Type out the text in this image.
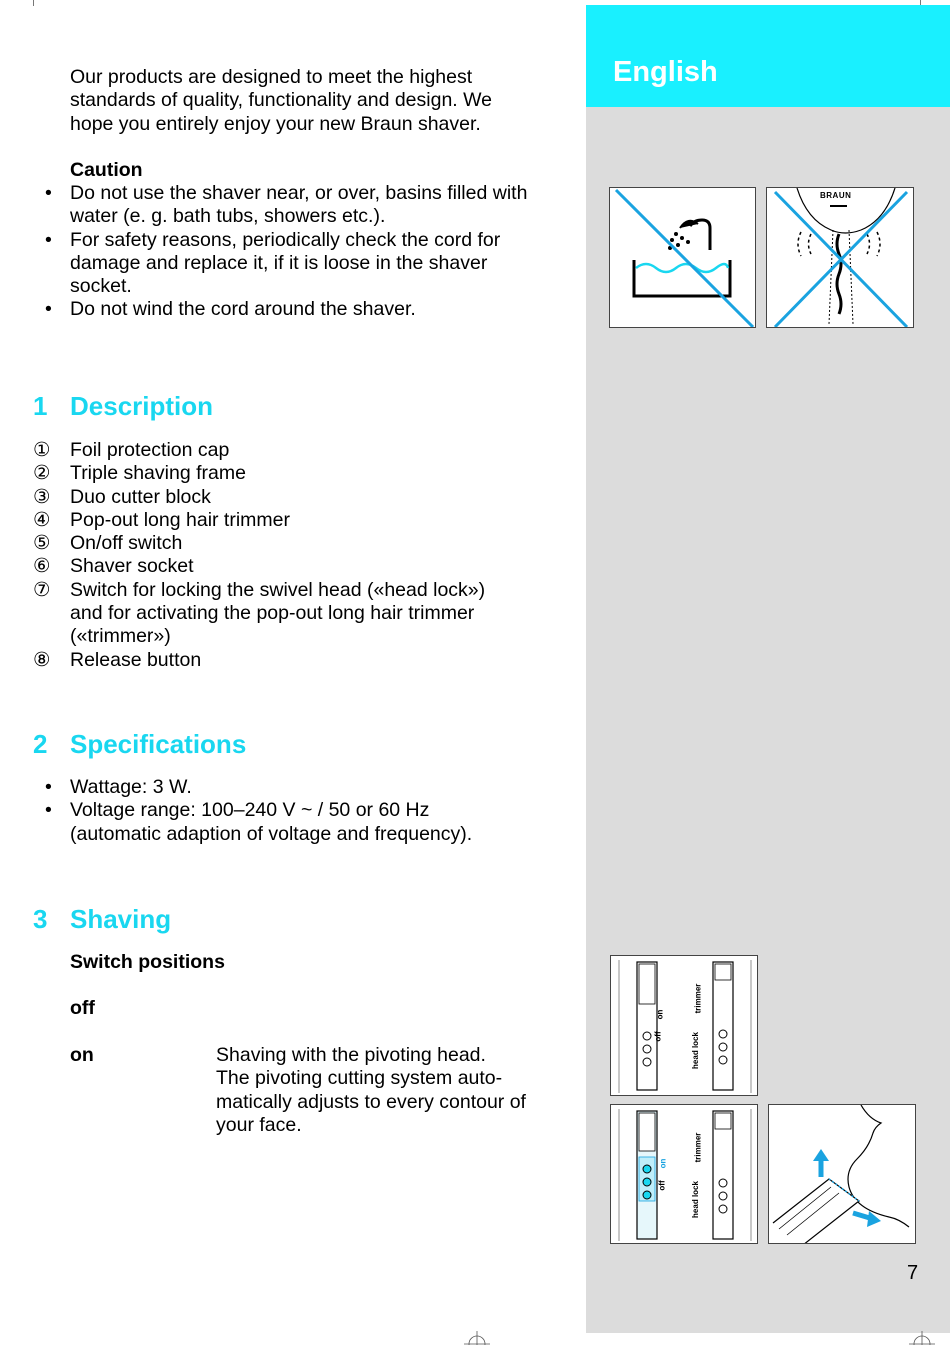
English
Our products are designed to meet the highest
standards of quality, functionality and design. We
hope you entirely enjoy your new Braun shaver.
Caution
• Do not use the shaver near, or over, basins filled with
water (e. g. bath tubs, showers etc.).
• For safety reasons, periodically check the cord for
damage and replace it, if it is loose in the shaver
socket.
• Do not wind the cord around the shaver.
1 Description
① Foil protection cap
② Triple shaving frame
③ Duo cutter block
④ Pop-out long hair trimmer
⑤ On/off switch
⑥ Shaver socket
⑦ Switch for locking the swivel head («head lock»)
and for activating the pop-out long hair trimmer
(«trimmer»)
⑧ Release button
2 Specifications
• Wattage: 3 W.
• Voltage range: 100–240 V ~ / 50 or 60 Hz
(automatic adaption of voltage and frequency).
3 Shaving
Switch positions
off
on	Shaving with the pivoting head.
The pivoting cutting system auto-
matically adjusts to every contour of
your face.
BRAUN
off
on
head lock
trimmer
off
on
head lock
trimmer
7
